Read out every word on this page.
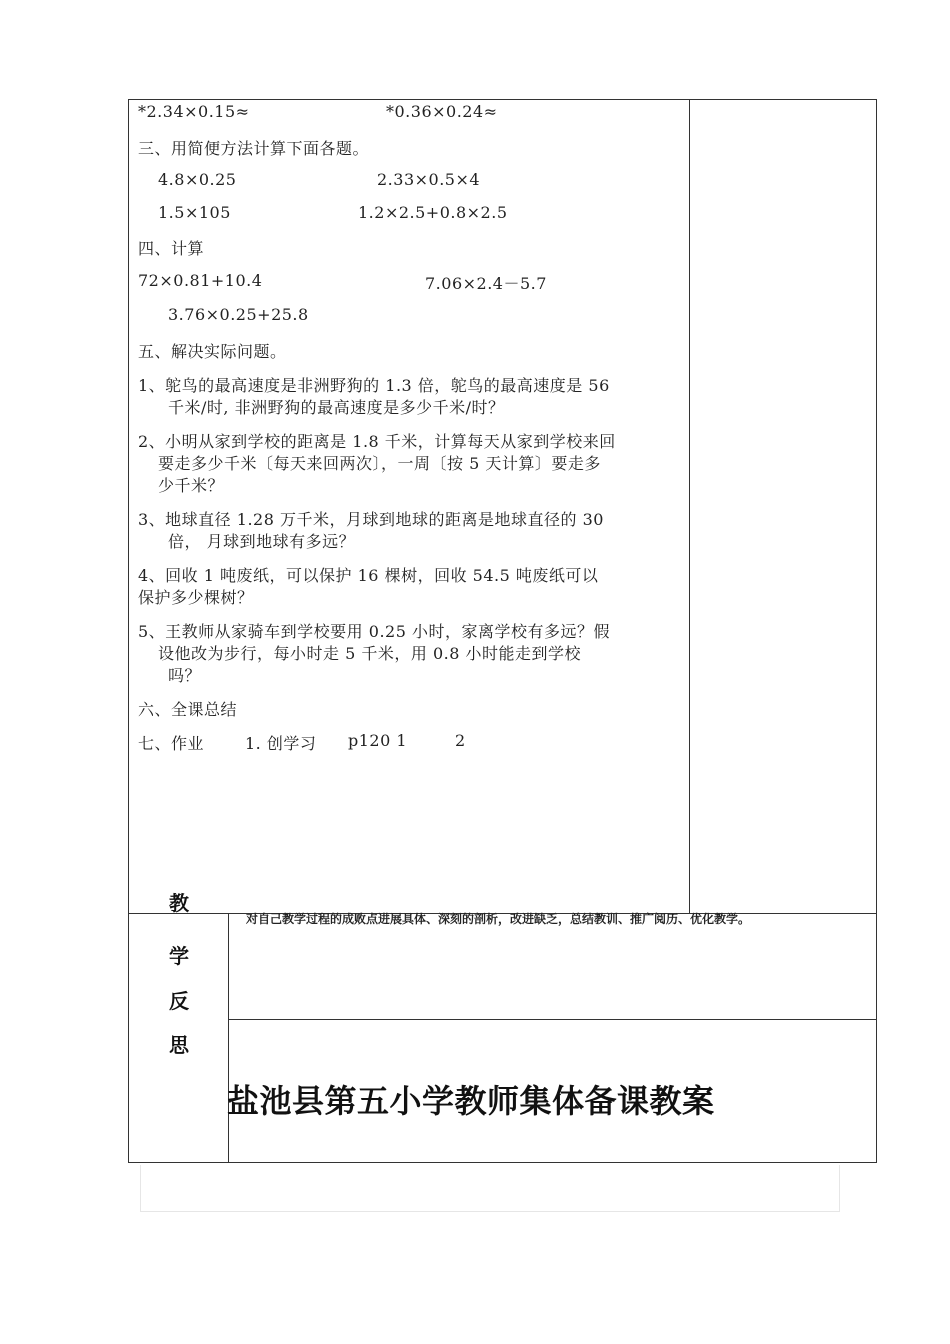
*2.34×0.15≈	*0.36×0.24≈
三、用简便方法计算下面各题。
4.8×0.25	2.33×0.5×4
1.5×105	1.2×2.5+0.8×2.5
四、计算
72×0.81+10.4	7.06×2.4－5.7
3.76×0.25+25.8
五、解决实际问题。
1、鸵鸟的最高速度是非洲野狗的 1.3 倍，鸵鸟的最高速度是 56
千米/时, 非洲野狗的最高速度是多少千米/时？
2、小明从家到学校的距离是 1.8 千米，计算每天从家到学校来回
要走多少千米〔每天来回两次〕，一周〔按 5 天计算〕要走多
少千米？
3、地球直径 1.28 万千米，月球到地球的距离是地球直径的 30
倍， 月球到地球有多远？
4、回收 1 吨废纸，可以保护 16 棵树，回收 54.5 吨废纸可以
保护多少棵树？
5、王教师从家骑车到学校要用 0.25 小时，家离学校有多远？假
设他改为步行，每小时走 5 千米，用 0.8 小时能走到学校
吗？
六、全课总结
七、作业	1. 创学习 p120 1	2
教
学
反
思
对自己教学过程的成败点进展具体、深刻的剖析，改进缺乏，总结教训、推广阅历、优化教学。
盐池县第五小学教师集体备课教案
